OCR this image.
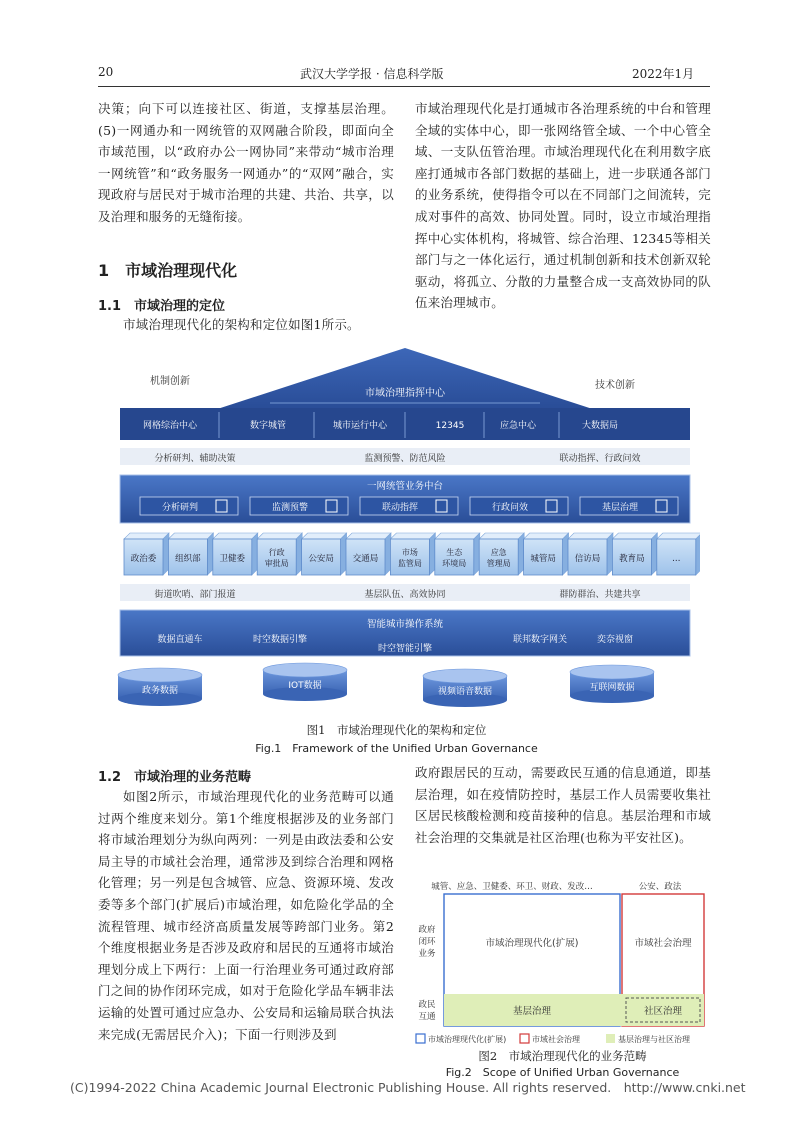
20	武汉大学学报 · 信息科学版	2022年1月

决策；向下可以连接社区、街道，支撑基层治理。(5)一网通办和一网统管的双网融合阶段，即面向全市域范围，以“政府办公一网协同”来带动“城市治理一网统管”和“政务服务一网通办”的“双网”融合，实现政府与居民对于城市治理的共建、共治、共享，以及治理和服务的无缝衔接。

市域治理现代化是打通城市各治理系统的中台和管理全域的实体中心，即一张网络管全域、一个中心管全域、一支队伍管治理。市域治理现代化在利用数字底座打通城市各部门数据的基础上，进一步联通各部门的业务系统，使得指令可以在不同部门之间流转，完成对事件的高效、协同处置。同时，设立市域治理指挥中心实体机构，将城管、综合治理、12345等相关部门与之一体化运行，通过机制创新和技术创新双轮驱动，将孤立、分散的力量整合成一支高效协同的队伍来治理城市。

1　市域治理现代化
1.1　市域治理的定位

市域治理现代化的架构和定位如图1所示。

机制创新	技术创新
市域治理指挥中心
网格综治中心	数字城管	城市运行中心	12345	应急中心	大数据局
分析研判、辅助决策	监测预警、防范风险	联动指挥、行政问效
一网统管业务中台
分析研判	监测预警	联动指挥	行政问效	基层治理
政治委 组织部 卫健委
行政
审批局 公安局 交通局
市场
监管局
生态
环境局
应急
管理局 城管局 信访局 教育局	…
街道吹哨、部门报道	基层队伍、高效协同	群防群治、共建共享
智能城市操作系统
数据直通车	时空数据引擎	联邦数字网关	奕奈视窗
时空智能引擎
政务数据	IOT数据
视频语音数据	互联网数据
图1　市域治理现代化的架构和定位
Fig.1　Framework of the Unified Urban Governance
1.2　市域治理的业务范畴

如图2所示，市域治理现代化的业务范畴可以通过两个维度来划分。第1个维度根据涉及的业务部门将市域治理划分为纵向两列：一列是由政法委和公安局主导的市域社会治理，通常涉及到综合治理和网格化管理；另一列是包含城管、应急、资源环境、发改委等多个部门(扩展后)市域治理，如危险化学品的全流程管理、城市经济高质量发展等跨部门业务。第2个维度根据业务是否涉及政府和居民的互通将市域治理划分成上下两行：上面一行治理业务可通过政府部门之间的协作闭环完成，如对于危险化学品车辆非法运输的处置可通过应急办、公安局和运输局联合执法来完成(无需居民介入)；下面一行则涉及到

政府跟居民的互动，需要政民互通的信息通道，即基层治理，如在疫情防控时，基层工作人员需要收集社区居民核酸检测和疫苗接种的信息。基层治理和市域社会治理的交集就是社区治理(也称为平安社区)。

城管、应急、卫健委、环卫、财政、发改…	公安、政法
政府
闭环
业务
政民
互通
市域治理现代化(扩展)	市域社会治理
基层治理	社区治理
市域治理现代化(扩展)	市域社会治理	基层治理与社区治理
图2　市域治理现代化的业务范畴
Fig.2　Scope of Unified Urban Governance
(C)1994-2022 China Academic Journal Electronic Publishing House. All rights reserved.　http://www.cnki.net
